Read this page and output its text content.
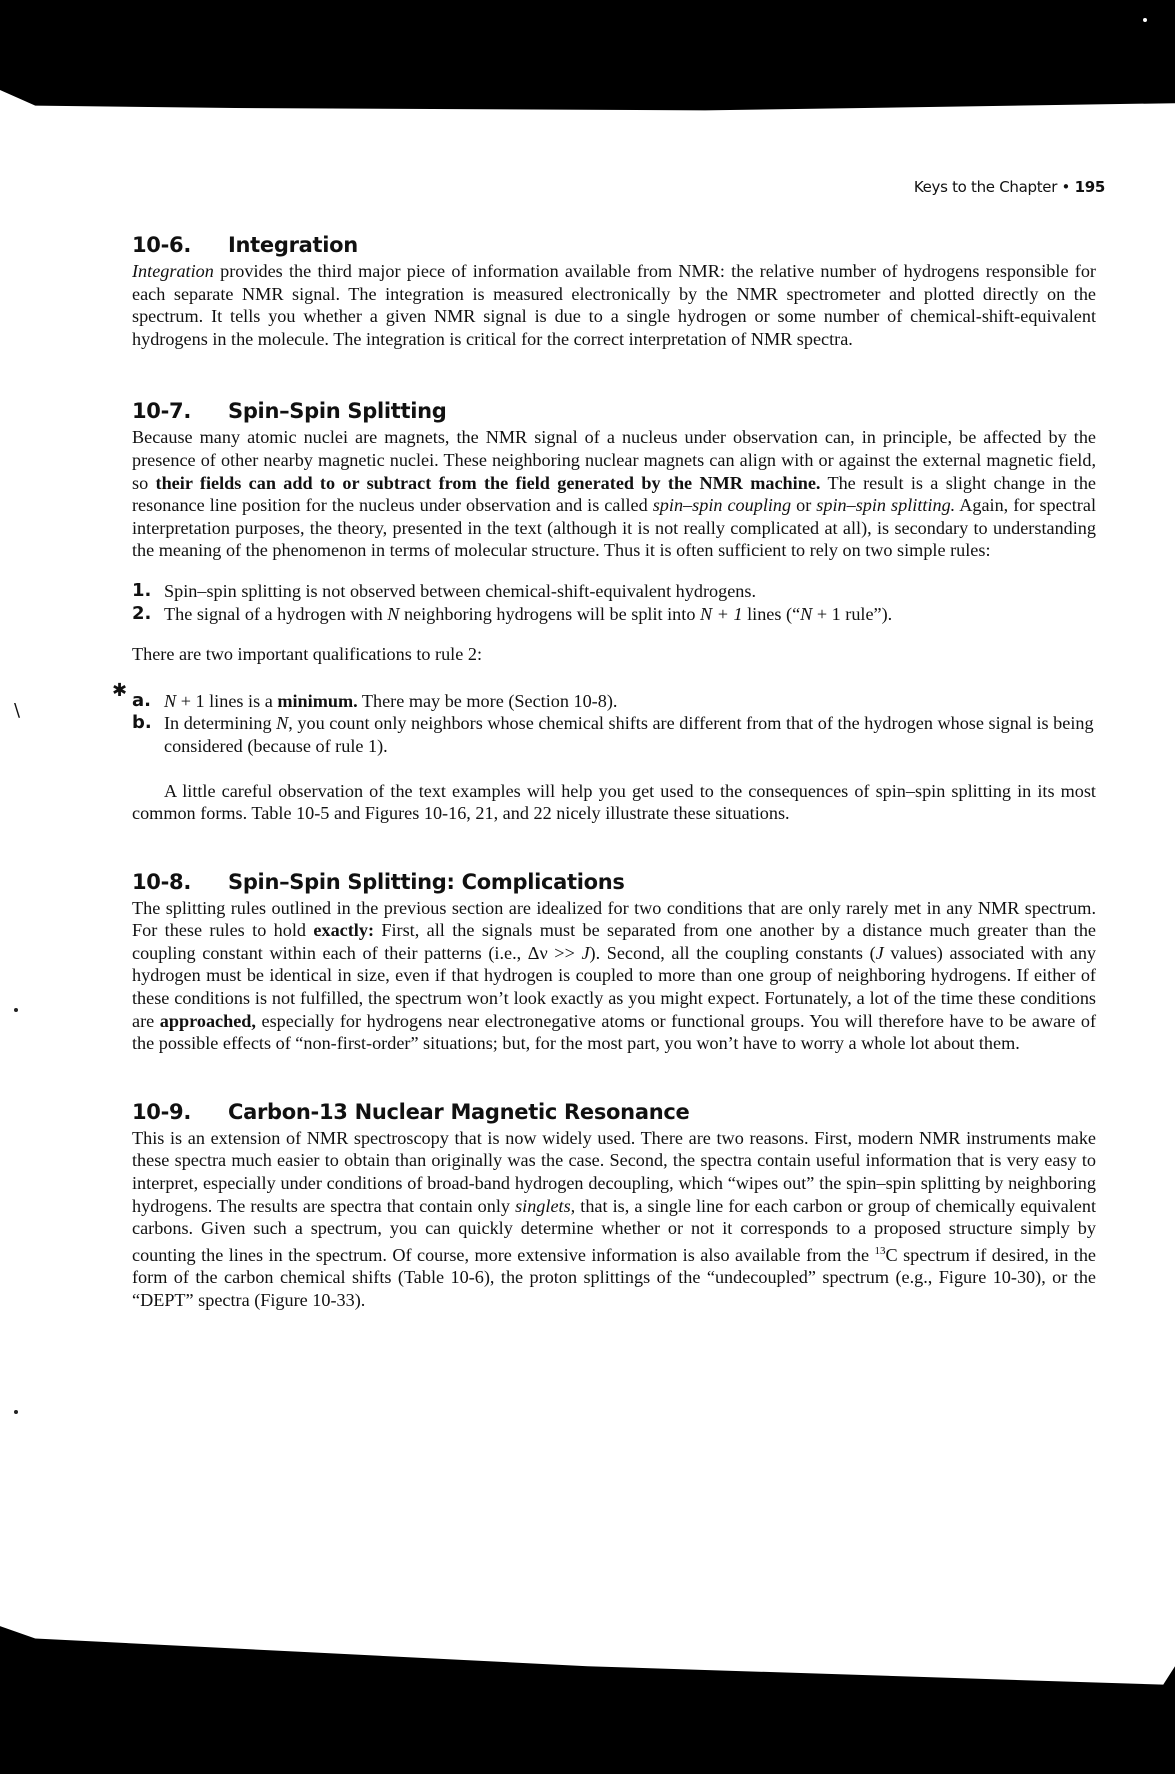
Keys to the Chapter • 195
✱
\
10-6. Integration

Integration provides the third major piece of information available from NMR: the relative number of hydrogens responsible for each separate NMR signal. The integration is measured electronically by the NMR spectrometer and plotted directly on the spectrum. It tells you whether a given NMR signal is due to a single hydrogen or some number of chemical-shift-equivalent hydrogens in the molecule. The integration is critical for the correct interpretation of NMR spectra.

10-7. Spin–Spin Splitting

Because many atomic nuclei are magnets, the NMR signal of a nucleus under observation can, in principle, be affected by the presence of other nearby magnetic nuclei. These neighboring nuclear magnets can align with or against the external magnetic field, so their fields can add to or subtract from the field generated by the NMR machine. The result is a slight change in the resonance line position for the nucleus under observation and is called spin–spin coupling or spin–spin splitting. Again, for spectral interpretation purposes, the theory, presented in the text (although it is not really complicated at all), is secondary to understanding the meaning of the phenomenon in terms of molecular structure. Thus it is often sufficient to rely on two simple rules:

1. Spin–spin splitting is not observed between chemical-shift-equivalent hydrogens.
2. The signal of a hydrogen with N neighboring hydrogens will be split into N + 1 lines (“N + 1 rule”).

There are two important qualifications to rule 2:

a. N + 1 lines is a minimum. There may be more (Section 10-8).
b. In determining N, you count only neighbors whose chemical shifts are different from that of the hydrogen whose signal is being considered (because of rule 1).

A little careful observation of the text examples will help you get used to the consequences of spin–spin splitting in its most common forms. Table 10-5 and Figures 10-16, 21, and 22 nicely illustrate these situations.

10-8. Spin–Spin Splitting: Complications

The splitting rules outlined in the previous section are idealized for two conditions that are only rarely met in any NMR spectrum. For these rules to hold exactly: First, all the signals must be separated from one another by a distance much greater than the coupling constant within each of their patterns (i.e., Δν >> J). Second, all the coupling constants (J values) associated with any hydrogen must be identical in size, even if that hydrogen is coupled to more than one group of neighboring hydrogens. If either of these conditions is not fulfilled, the spectrum won’t look exactly as you might expect. Fortunately, a lot of the time these conditions are approached, especially for hydrogens near electronegative atoms or functional groups. You will therefore have to be aware of the possible effects of “non-first-order” situations; but, for the most part, you won’t have to worry a whole lot about them.

10-9. Carbon-13 Nuclear Magnetic Resonance

This is an extension of NMR spectroscopy that is now widely used. There are two reasons. First, modern NMR instruments make these spectra much easier to obtain than originally was the case. Second, the spectra contain useful information that is very easy to interpret, especially under conditions of broad-band hydrogen decoupling, which “wipes out” the spin–spin splitting by neighboring hydrogens. The results are spectra that contain only singlets, that is, a single line for each carbon or group of chemically equivalent carbons. Given such a spectrum, you can quickly determine whether or not it corresponds to a proposed structure simply by counting the lines in the spectrum. Of course, more extensive information is also available from the $^{13}$C spectrum if desired, in the form of the carbon chemical shifts (Table 10-6), the proton splittings of the “undecoupled” spectrum (e.g., Figure 10-30), or the “DEPT” spectra (Figure 10-33).
